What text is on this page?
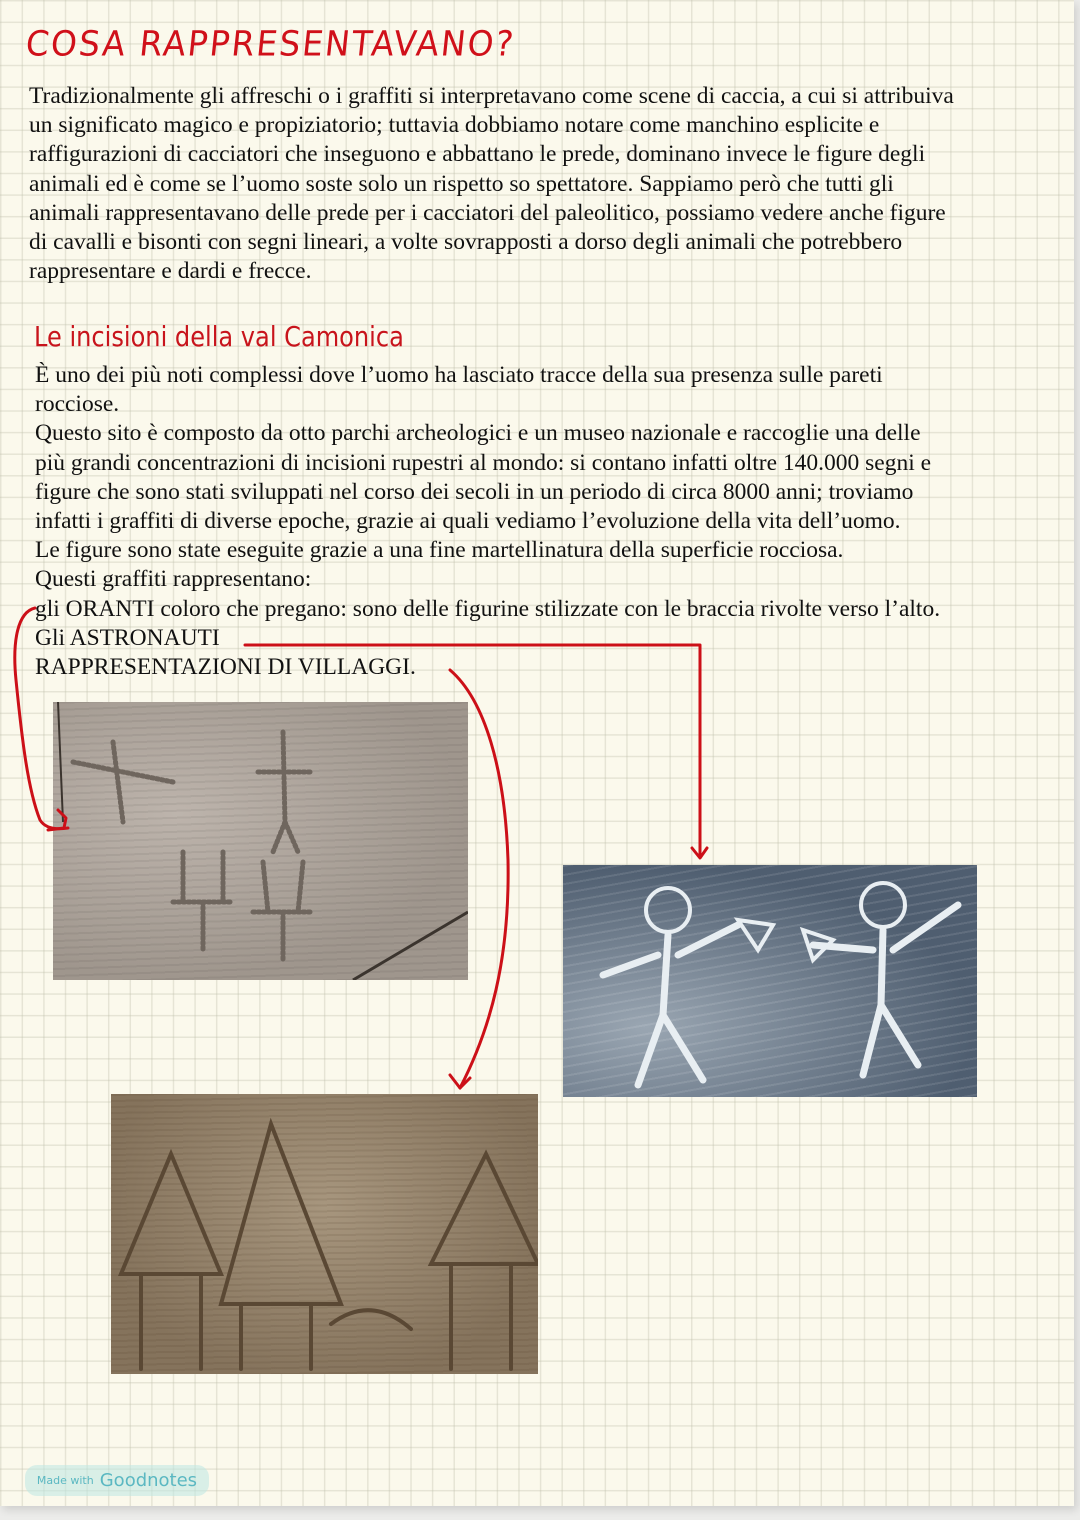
COSA RAPPRESENTAVANO?
Tradizionalmente gli affreschi o i graffiti si interpretavano come scene di caccia, a cui si attribuiva
un significato magico e propiziatorio; tuttavia dobbiamo notare come manchino esplicite e
raffigurazioni di cacciatori che inseguono e abbattano le prede, dominano invece le figure degli
animali ed è come se l’uomo soste solo un rispetto so spettatore. Sappiamo però che tutti gli
animali rappresentavano delle prede per i cacciatori del paleolitico, possiamo vedere anche figure
di cavalli e bisonti con segni lineari, a volte sovrapposti a dorso degli animali che potrebbero
rappresentare e dardi e frecce.
Le incisioni della val Camonica
È uno dei più noti complessi dove l’uomo ha lasciato tracce della sua presenza sulle pareti
rocciose.
Questo sito è composto da otto parchi archeologici e un museo nazionale e raccoglie una delle
più grandi concentrazioni di incisioni rupestri al mondo: si contano infatti oltre 140.000 segni e
figure che sono stati sviluppati nel corso dei secoli in un periodo di circa 8000 anni; troviamo
infatti i graffiti di diverse epoche, grazie ai quali vediamo l’evoluzione della vita dell’uomo.
Le figure sono state eseguite grazie a una fine martellinatura della superficie rocciosa.
Questi graffiti rappresentano:
gli ORANTI coloro che pregano: sono delle figurine stilizzate con le braccia rivolte verso l’alto.
Gli ASTRONAUTI
RAPPRESENTAZIONI DI VILLAGGI.
Made with Goodnotes
